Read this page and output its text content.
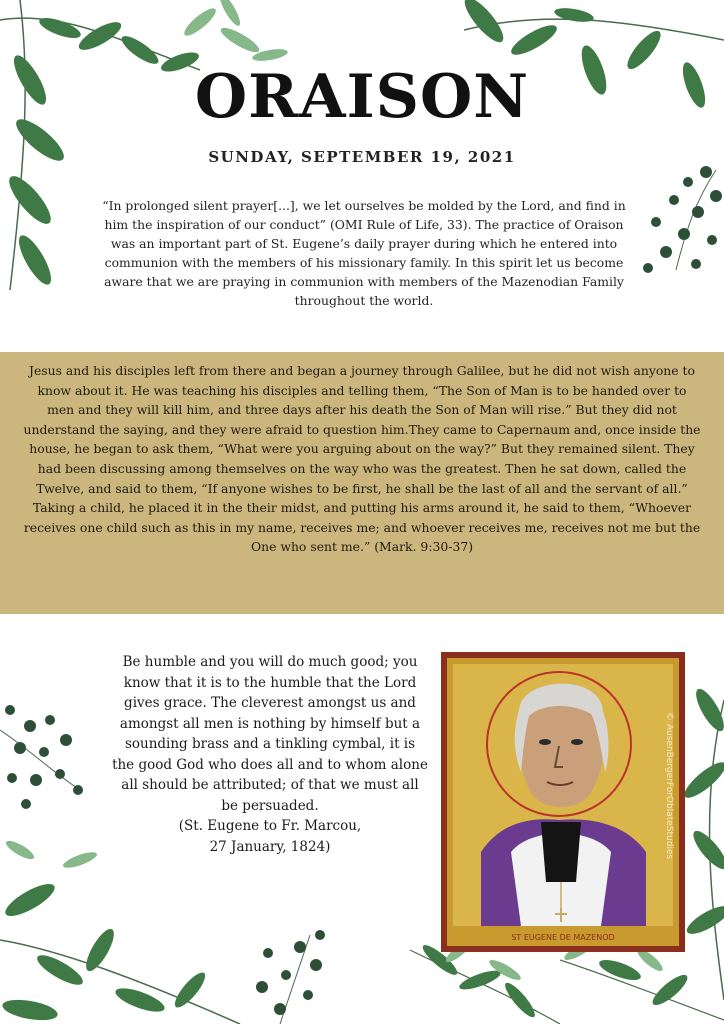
ORAISON
SUNDAY, SEPTEMBER 19, 2021

“In prolonged silent prayer[...], we let ourselves be molded by the Lord, and find in him the inspiration of our conduct” (OMI Rule of Life, 33). The practice of Oraison was an important part of St. Eugene’s daily prayer during which he entered into communion with the members of his missionary family. In this spirit let us become aware that we are praying in communion with members of the Mazenodian Family throughout the world.

Jesus and his disciples left from there and began a journey through Galilee, but he did not wish anyone to know about it. He was teaching his disciples and telling them, “The Son of Man is to be handed over to men and they will kill him, and three days after his death the Son of Man will rise.” But they did not understand the saying, and they were afraid to question him.They came to Capernaum and, once inside the house, he began to ask them, “What were you arguing about on the way?” But they remained silent. They had been discussing among themselves on the way who was the greatest. Then he sat down, called the Twelve, and said to them, “If anyone wishes to be first, he shall be the last of all and the servant of all.” Taking a child, he placed it in the their midst, and putting his arms around it, he said to them, “Whoever receives one child such as this in my name, receives me; and whoever receives me, receives not me but the One who sent me.” (Mark. 9:30-37)

Be humble and you will do much good; you know that it is to the humble that the Lord gives grace. The cleverest amongst us and amongst all men is nothing by himself but a sounding brass and a tinkling cymbal, it is the good God who does all and to whom alone all should be attributed; of that we must all be persuaded.
(St. Eugene to Fr. Marcou,
27 January, 1824)

ST EUGENE DE MAZENOD
© AusenBergerForOblateStudies
